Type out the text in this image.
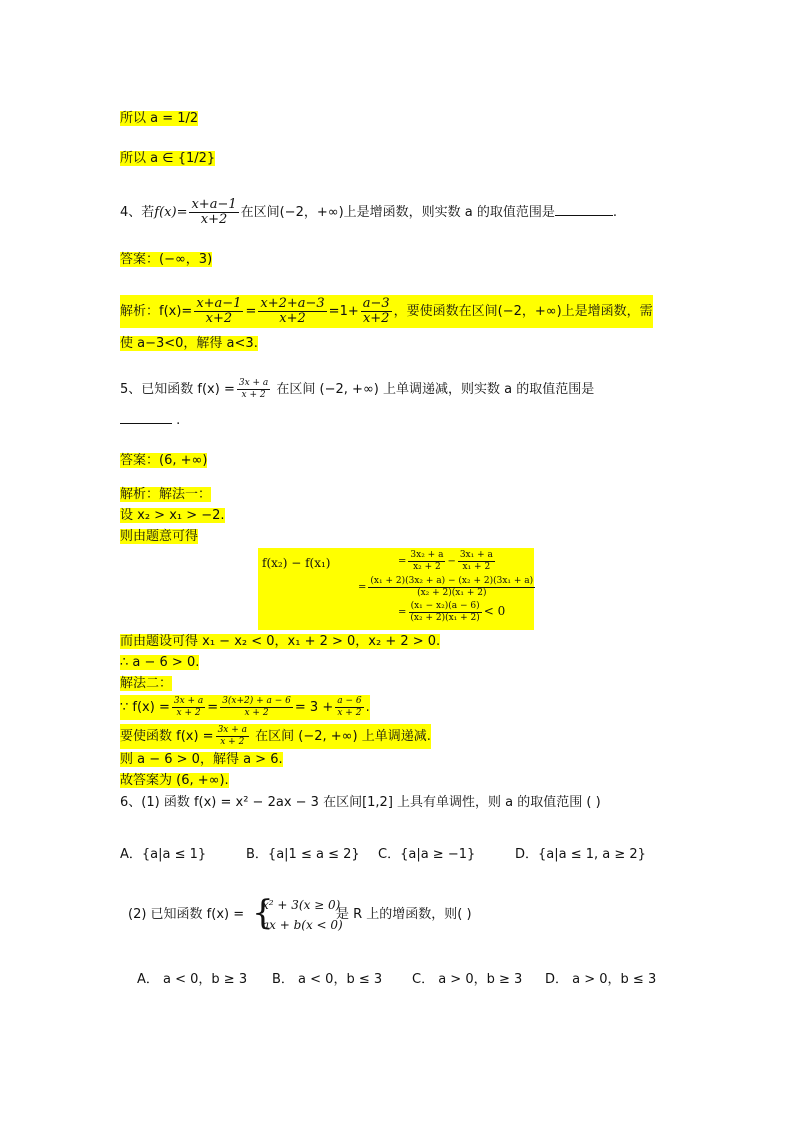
所以 a = 1/2
所以 a ∈ {1/2}
4、若$f(x)= \frac{x+a-1}{x+2}$ 在区间(−2，+∞)上是增函数，则实数 a 的取值范围是	.
答案：(−∞，3)
解析：$f(x)= \frac{x+a-1}{x+2} = \frac{x+2+a-3}{x+2} =1+ \frac{a-3}{x+2}$ ，要使函数在区间(−2，+∞)上是增函数，需
使 a−3<0，解得 a<3.
5、已知函数 $f(x) = \frac{3x + a}{x + 2}$ 在区间 (−2, +∞) 上单调递减，则实数 a 的取值范围是
.
答案：(6, +∞)
解析：解法一：
设 x₂ > x₁ > −2.
则由题意可得
f(x₂) − f(x₁)	= $\frac{\text{3x₂ + a}}{\text{x₂ + 2}} - \frac{\text{3x₁ + a}}{\text{x₁ + 2}}$
= $\frac{\text{(x₁ + 2)(3x₂ + a) − (x₂ + 2)(3x₁ + a)}}{\text{(x₂ + 2)(x₁ + 2)}}$
= $\frac{\text{(x₁ − x₂)(a − 6)}}{\text{(x₂ + 2)(x₁ + 2)}} < 0$
而由题设可得 x₁ − x₂ < 0，x₁ + 2 > 0，x₂ + 2 > 0.
∴ a − 6 > 0.
解法二：
∵ $f(x) = \frac{3x + a}{x + 2} = \frac{3(x+2) + a - 6}{x + 2} = 3 + \frac{a - 6}{x + 2}$ .
要使函数 $f(x) = \frac{3x + a}{x + 2}$ 在区间 (−2, +∞) 上单调递减.
则 a − 6 > 0，解得 a > 6.
故答案为 (6, +∞).
6、(1) 函数 f(x) = x² − 2ax − 3 在区间[1,2] 上具有单调性，则 a 的取值范围 ( )
A．{a|a ≤ 1}	B．{a|1 ≤ a ≤ 2} C．{a|a ≥ −1}	D．{a|a ≤ 1, a ≥ 2}
(2) 已知函数 f(x) = {
x² + 3(x ≥ 0)
ax + b(x < 0)
是 R 上的增函数，则( )
A． a < 0，b ≥ 3 B． a < 0，b ≤ 3 C． a > 0，b ≥ 3 D． a > 0，b ≤ 3
